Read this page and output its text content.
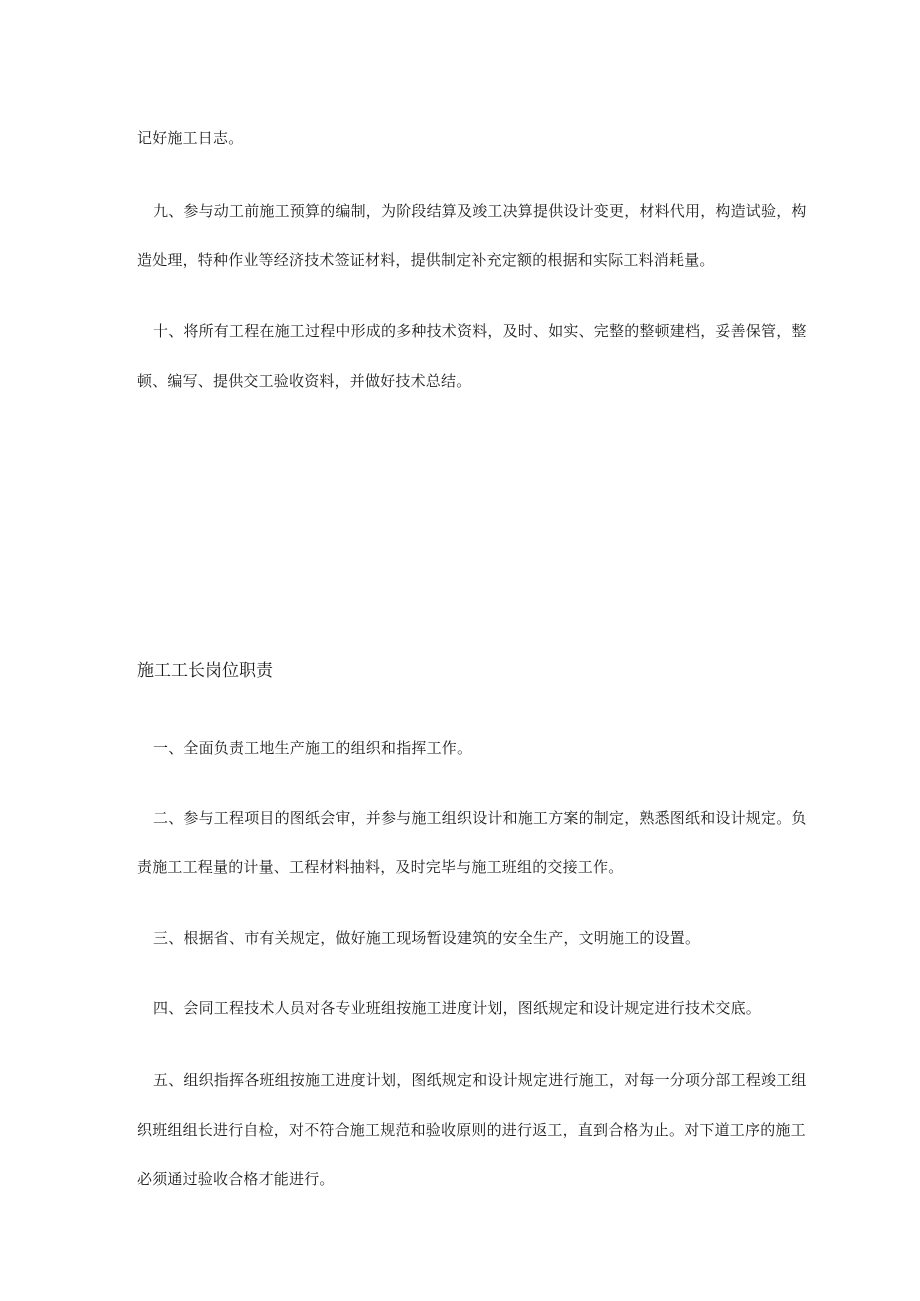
记好施工日志。
九、参与动工前施工预算的编制，为阶段结算及竣工决算提供设计变更，材料代用，构造试验，构
造处理，特种作业等经济技术签证材料，提供制定补充定额的根据和实际工料消耗量。
十、将所有工程在施工过程中形成的多种技术资料，及时、如实、完整的整顿建档，妥善保管，整
顿、编写、提供交工验收资料，并做好技术总结。
施工工长岗位职责
一、全面负责工地生产施工的组织和指挥工作。
二、参与工程项目的图纸会审，并参与施工组织设计和施工方案的制定，熟悉图纸和设计规定。负
责施工工程量的计量、工程材料抽料，及时完毕与施工班组的交接工作。
三、根据省、市有关规定，做好施工现场暂设建筑的安全生产，文明施工的设置。
四、会同工程技术人员对各专业班组按施工进度计划，图纸规定和设计规定进行技术交底。
五、组织指挥各班组按施工进度计划，图纸规定和设计规定进行施工，对每一分项分部工程竣工组
织班组组长进行自检，对不符合施工规范和验收原则的进行返工，直到合格为止。对下道工序的施工
必须通过验收合格才能进行。
